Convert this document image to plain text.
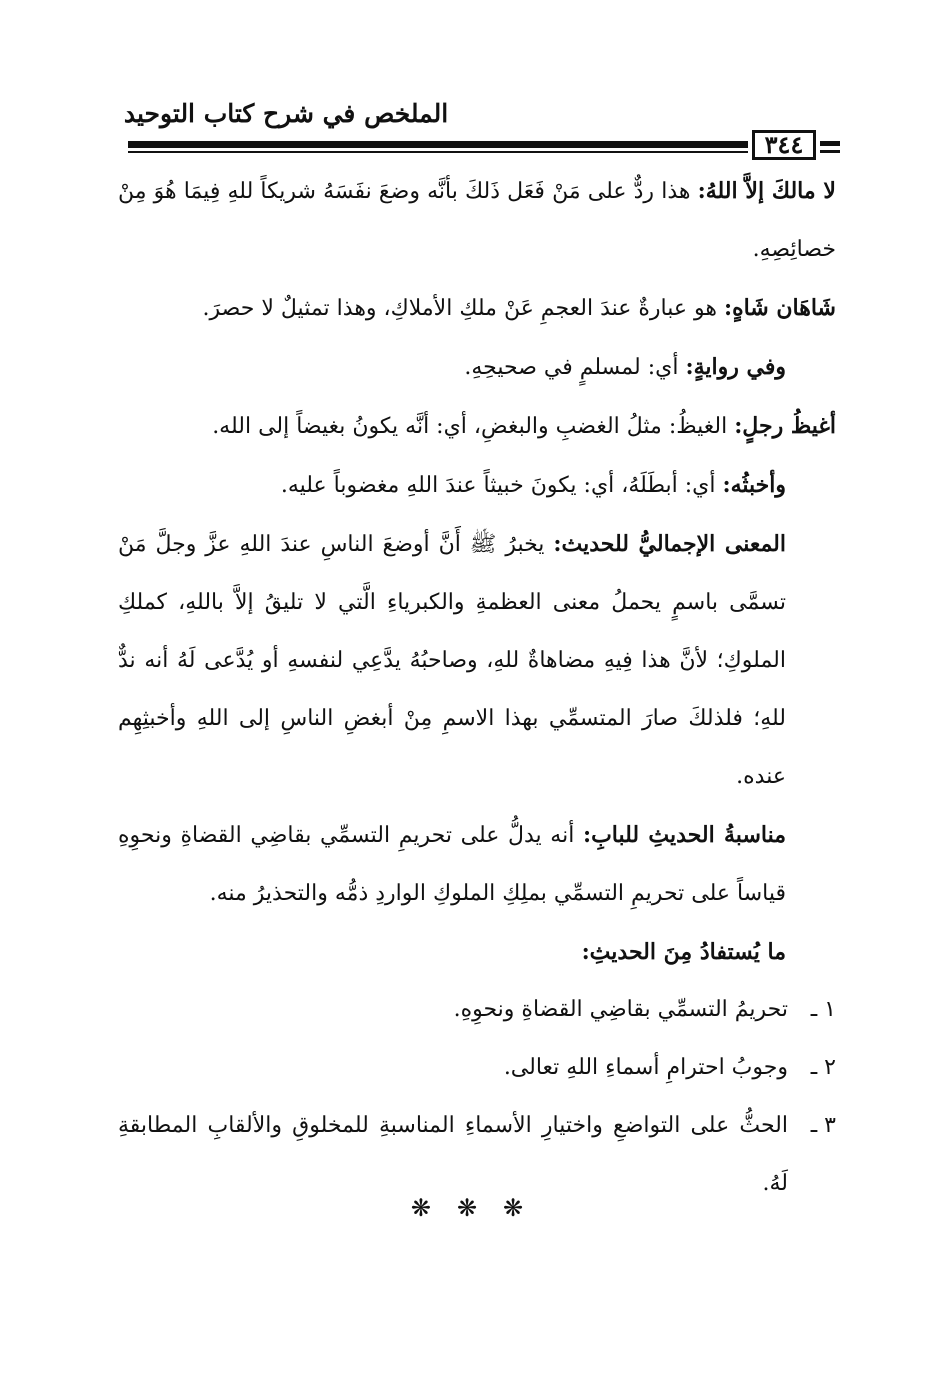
الملخص في شرح كتاب التوحيد
٣٤٤

لا مالكَ إلاَّ اللهُ: هذا ردٌّ على مَنْ فَعَل ذَلكَ بأنَّه وضعَ نفَسَهُ شريكاً للهِ فِيمَا هُوَ مِنْ خصائِصِهِ.

شَاهَان شَاهٍ: هو عبارةٌ عندَ العجمِ عَنْ ملكِ الأملاكِ، وهذا تمثيلٌ لا حصرَ.

وفي روايةٍ: أي: لمسلمٍ في صحيحِهِ.

أغيظُ رجلٍ: الغيظُ: مثلُ الغضبِ والبغضِ، أي: أنَّه يكونُ بغيضاً إلى الله.

وأخبثُه: أي: أبطَلَهُ، أي: يكونَ خبيثاً عندَ اللهِ مغضوباً عليه.

المعنى الإجماليُّ للحديث: يخبرُ ﷺ أَنَّ أوضعَ الناسِ عندَ اللهِ عزَّ وجلَّ مَنْ تسمَّى باسمٍ يحملُ معنى العظمةِ والكبرياءِ الَّتي لا تليقُ إلاَّ باللهِ، كملكِ الملوكِ؛ لأنَّ هذا فِيهِ مضاهاةٌ للهِ، وصاحبُهُ يدَّعِي لنفسهِ أو يُدَّعى لَهُ أنه ندٌّ للهِ؛ فلذلكَ صارَ المتسمِّي بهذا الاسمِ مِنْ أبغضِ الناسِ إلى اللهِ وأخبثِهِم عنده.

مناسبةُ الحديثِ للبابِ: أنه يدلُّ على تحريمِ التسمِّي بقاضِي القضاةِ ونحوِهِ قياساً على تحريمِ التسمِّي بملِكِ الملوكِ الواردِ ذمُّه والتحذيرُ منه.

ما يُستفادُ مِنَ الحديثِ:

١ ـ
تحريمُ التسمِّي بقاضِي القضاةِ ونحوِهِ.
٢ ـ
وجوبُ احترامِ أسماءِ اللهِ تعالى.
٣ ـ
الحثُّ على التواضعِ واختيارِ الأسماءِ المناسبةِ للمخلوقِ والألقابِ المطابقةِ لَهُ.
❋❋❋
